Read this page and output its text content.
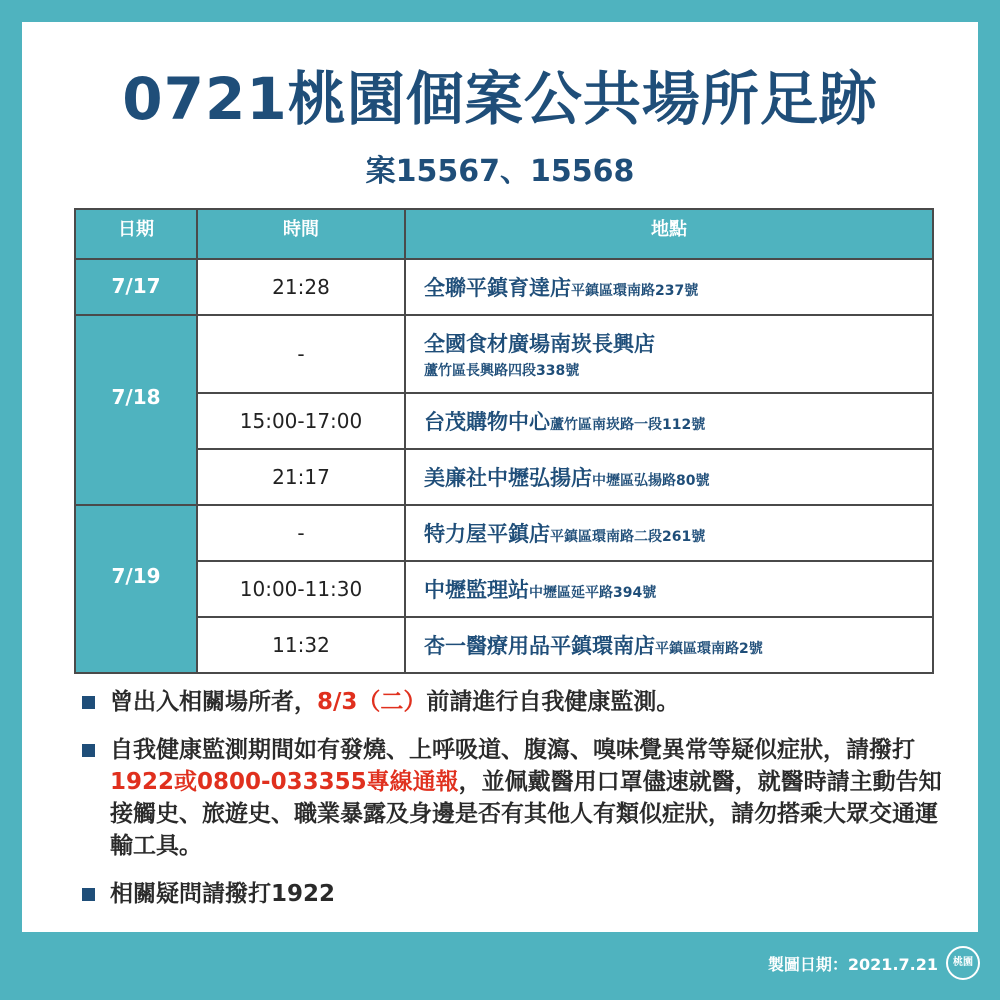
0721桃園個案公共場所足跡
案15567、15568
日期	時間	地點
7/17	21:28	全聯平鎮育達店平鎮區環南路237號
7/18	-	全國食材廣場南崁長興店
蘆竹區長興路四段338號

	15:00-17:00	台茂購物中心蘆竹區南崁路一段112號
	21:17	美廉社中壢弘揚店中壢區弘揚路80號
7/19	-	特力屋平鎮店平鎮區環南路二段261號
	10:00-11:30	中壢監理站中壢區延平路394號
	11:32	杏一醫療用品平鎮環南店平鎮區環南路2號
曾出入相關場所者，8/3（二）前請進行自我健康監測。
自我健康監測期間如有發燒、上呼吸道、腹瀉、嗅味覺異常等疑似症狀，請撥打1922或0800-033355專線通報，並佩戴醫用口罩儘速就醫，就醫時請主動告知接觸史、旅遊史、職業暴露及身邊是否有其他人有類似症狀，請勿搭乘大眾交通運輸工具。
相關疑問請撥打1922
製圖日期：2021.7.21	桃園
